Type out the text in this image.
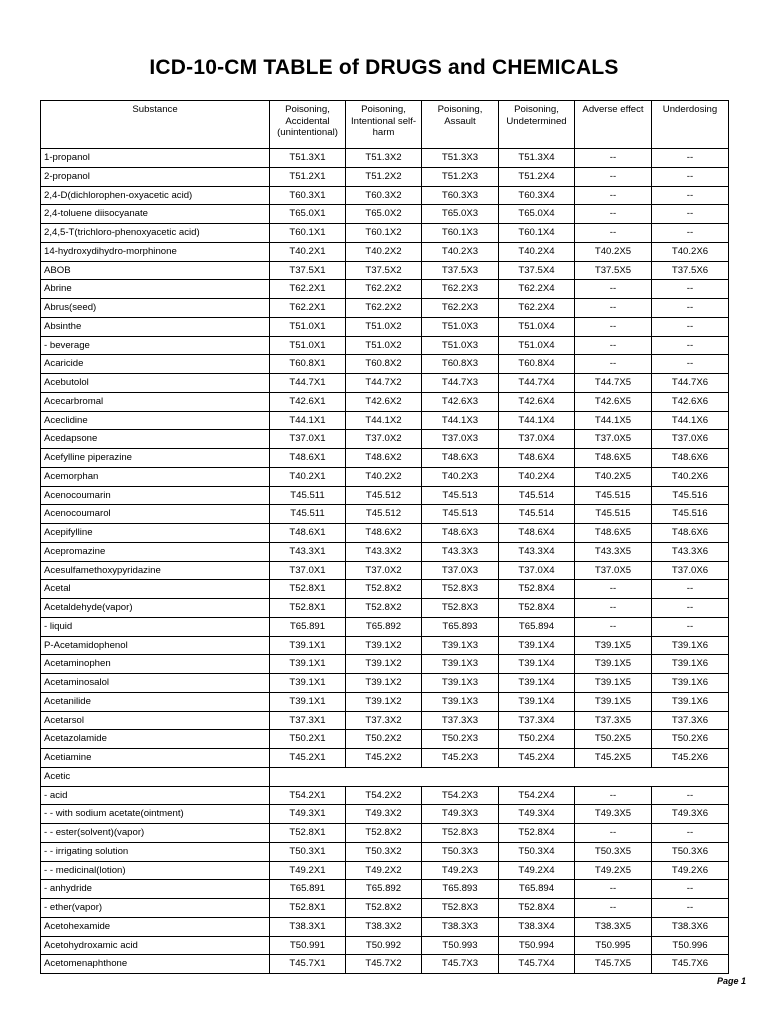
ICD-10-CM TABLE of DRUGS and CHEMICALS
Substance	Poisoning, Accidental (unintentional)	Poisoning, Intentional self-harm	Poisoning, Assault	Poisoning, Undetermined	Adverse effect	Underdosing
1-propanol	T51.3X1	T51.3X2	T51.3X3	T51.3X4	--	--
2-propanol	T51.2X1	T51.2X2	T51.2X3	T51.2X4	--	--
2,4-D(dichlorophen-oxyacetic acid)	T60.3X1	T60.3X2	T60.3X3	T60.3X4	--	--
2,4-toluene diisocyanate	T65.0X1	T65.0X2	T65.0X3	T65.0X4	--	--
2,4,5-T(trichloro-phenoxyacetic acid)	T60.1X1	T60.1X2	T60.1X3	T60.1X4	--	--
14-hydroxydihydro-morphinone	T40.2X1	T40.2X2	T40.2X3	T40.2X4	T40.2X5	T40.2X6
ABOB	T37.5X1	T37.5X2	T37.5X3	T37.5X4	T37.5X5	T37.5X6
Abrine	T62.2X1	T62.2X2	T62.2X3	T62.2X4	--	--
Abrus(seed)	T62.2X1	T62.2X2	T62.2X3	T62.2X4	--	--
Absinthe	T51.0X1	T51.0X2	T51.0X3	T51.0X4	--	--
- beverage	T51.0X1	T51.0X2	T51.0X3	T51.0X4	--	--
Acaricide	T60.8X1	T60.8X2	T60.8X3	T60.8X4	--	--
Acebutolol	T44.7X1	T44.7X2	T44.7X3	T44.7X4	T44.7X5	T44.7X6
Acecarbromal	T42.6X1	T42.6X2	T42.6X3	T42.6X4	T42.6X5	T42.6X6
Aceclidine	T44.1X1	T44.1X2	T44.1X3	T44.1X4	T44.1X5	T44.1X6
Acedapsone	T37.0X1	T37.0X2	T37.0X3	T37.0X4	T37.0X5	T37.0X6
Acefylline piperazine	T48.6X1	T48.6X2	T48.6X3	T48.6X4	T48.6X5	T48.6X6
Acemorphan	T40.2X1	T40.2X2	T40.2X3	T40.2X4	T40.2X5	T40.2X6
Acenocoumarin	T45.511	T45.512	T45.513	T45.514	T45.515	T45.516
Acenocoumarol	T45.511	T45.512	T45.513	T45.514	T45.515	T45.516
Acepifylline	T48.6X1	T48.6X2	T48.6X3	T48.6X4	T48.6X5	T48.6X6
Acepromazine	T43.3X1	T43.3X2	T43.3X3	T43.3X4	T43.3X5	T43.3X6
Acesulfamethoxypyridazine	T37.0X1	T37.0X2	T37.0X3	T37.0X4	T37.0X5	T37.0X6
Acetal	T52.8X1	T52.8X2	T52.8X3	T52.8X4	--	--
Acetaldehyde(vapor)	T52.8X1	T52.8X2	T52.8X3	T52.8X4	--	--
- liquid	T65.891	T65.892	T65.893	T65.894	--	--
P-Acetamidophenol	T39.1X1	T39.1X2	T39.1X3	T39.1X4	T39.1X5	T39.1X6
Acetaminophen	T39.1X1	T39.1X2	T39.1X3	T39.1X4	T39.1X5	T39.1X6
Acetaminosalol	T39.1X1	T39.1X2	T39.1X3	T39.1X4	T39.1X5	T39.1X6
Acetanilide	T39.1X1	T39.1X2	T39.1X3	T39.1X4	T39.1X5	T39.1X6
Acetarsol	T37.3X1	T37.3X2	T37.3X3	T37.3X4	T37.3X5	T37.3X6
Acetazolamide	T50.2X1	T50.2X2	T50.2X3	T50.2X4	T50.2X5	T50.2X6
Acetiamine	T45.2X1	T45.2X2	T45.2X3	T45.2X4	T45.2X5	T45.2X6
Acetic						
- acid	T54.2X1	T54.2X2	T54.2X3	T54.2X4	--	--
- - with sodium acetate(ointment)	T49.3X1	T49.3X2	T49.3X3	T49.3X4	T49.3X5	T49.3X6
- - ester(solvent)(vapor)	T52.8X1	T52.8X2	T52.8X3	T52.8X4	--	--
- - irrigating solution	T50.3X1	T50.3X2	T50.3X3	T50.3X4	T50.3X5	T50.3X6
- - medicinal(lotion)	T49.2X1	T49.2X2	T49.2X3	T49.2X4	T49.2X5	T49.2X6
- anhydride	T65.891	T65.892	T65.893	T65.894	--	--
- ether(vapor)	T52.8X1	T52.8X2	T52.8X3	T52.8X4	--	--
Acetohexamide	T38.3X1	T38.3X2	T38.3X3	T38.3X4	T38.3X5	T38.3X6
Acetohydroxamic acid	T50.991	T50.992	T50.993	T50.994	T50.995	T50.996
Acetomenaphthone	T45.7X1	T45.7X2	T45.7X3	T45.7X4	T45.7X5	T45.7X6
Page 1
